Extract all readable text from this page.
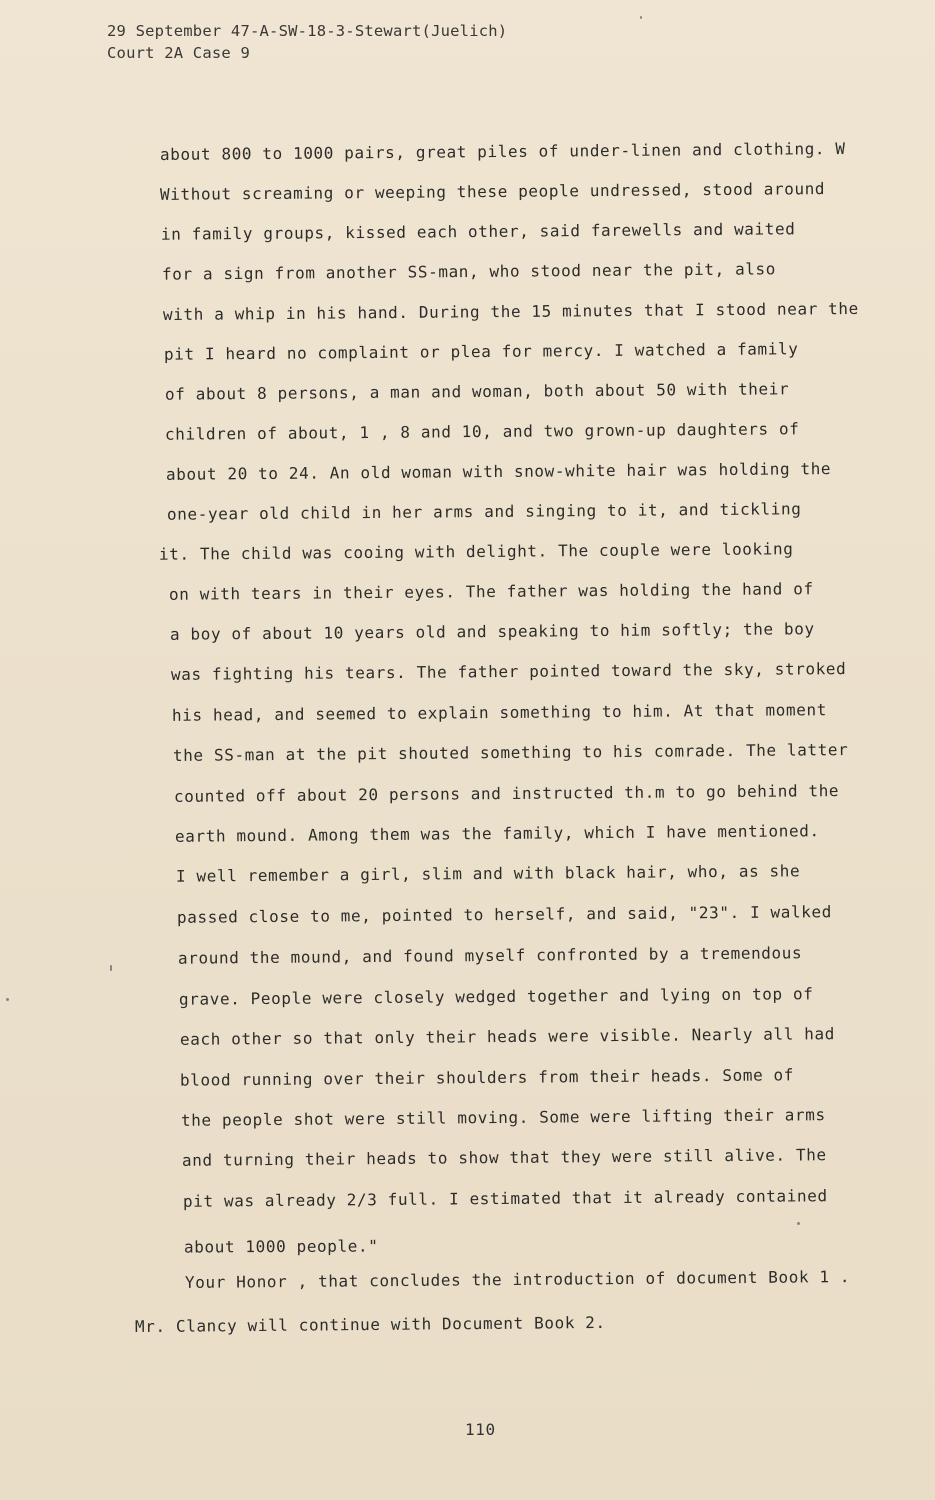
29 September 47-A-SW-18-3-Stewart(Juelich)
Court 2A Case 9
about 800 to 1000 pairs, great piles of under-linen and clothing. W
Without screaming or weeping these people undressed, stood around
in family groups, kissed each other, said farewells and waited
for a sign from another SS-man, who stood near the pit, also
with a whip in his hand. During the 15 minutes that I stood near the
pit I heard no complaint or plea for mercy. I watched a family
of about 8 persons, a man and woman, both about 50 with their
children of about, 1 , 8 and 10, and two grown-up daughters of
about 20 to 24. An old woman with snow-white hair was holding the
one-year old child in her arms and singing to it, and tickling
it. The child was cooing with delight. The couple were looking
on with tears in their eyes. The father was holding the hand of
a boy of about 10 years old and speaking to him softly; the boy
was fighting his tears. The father pointed toward the sky, stroked
his head, and seemed to explain something to him. At that moment
the SS-man at the pit shouted something to his comrade. The latter
counted off about 20 persons and instructed th.m to go behind the
earth mound. Among them was the family, which I have mentioned.
I well remember a girl, slim and with black hair, who, as she
passed close to me, pointed to herself, and said, "23". I walked
around the mound, and found myself confronted by a tremendous
grave. People were closely wedged together and lying on top of
each other so that only their heads were visible. Nearly all had
blood running over their shoulders from their heads. Some of
the people shot were still moving. Some were lifting their arms
and turning their heads to show that they were still alive. The
pit was already 2/3 full. I estimated that it already contained
about 1000 people."
Your Honor , that concludes the introduction of document Book 1 .
Mr. Clancy will continue with Document Book 2.
110
